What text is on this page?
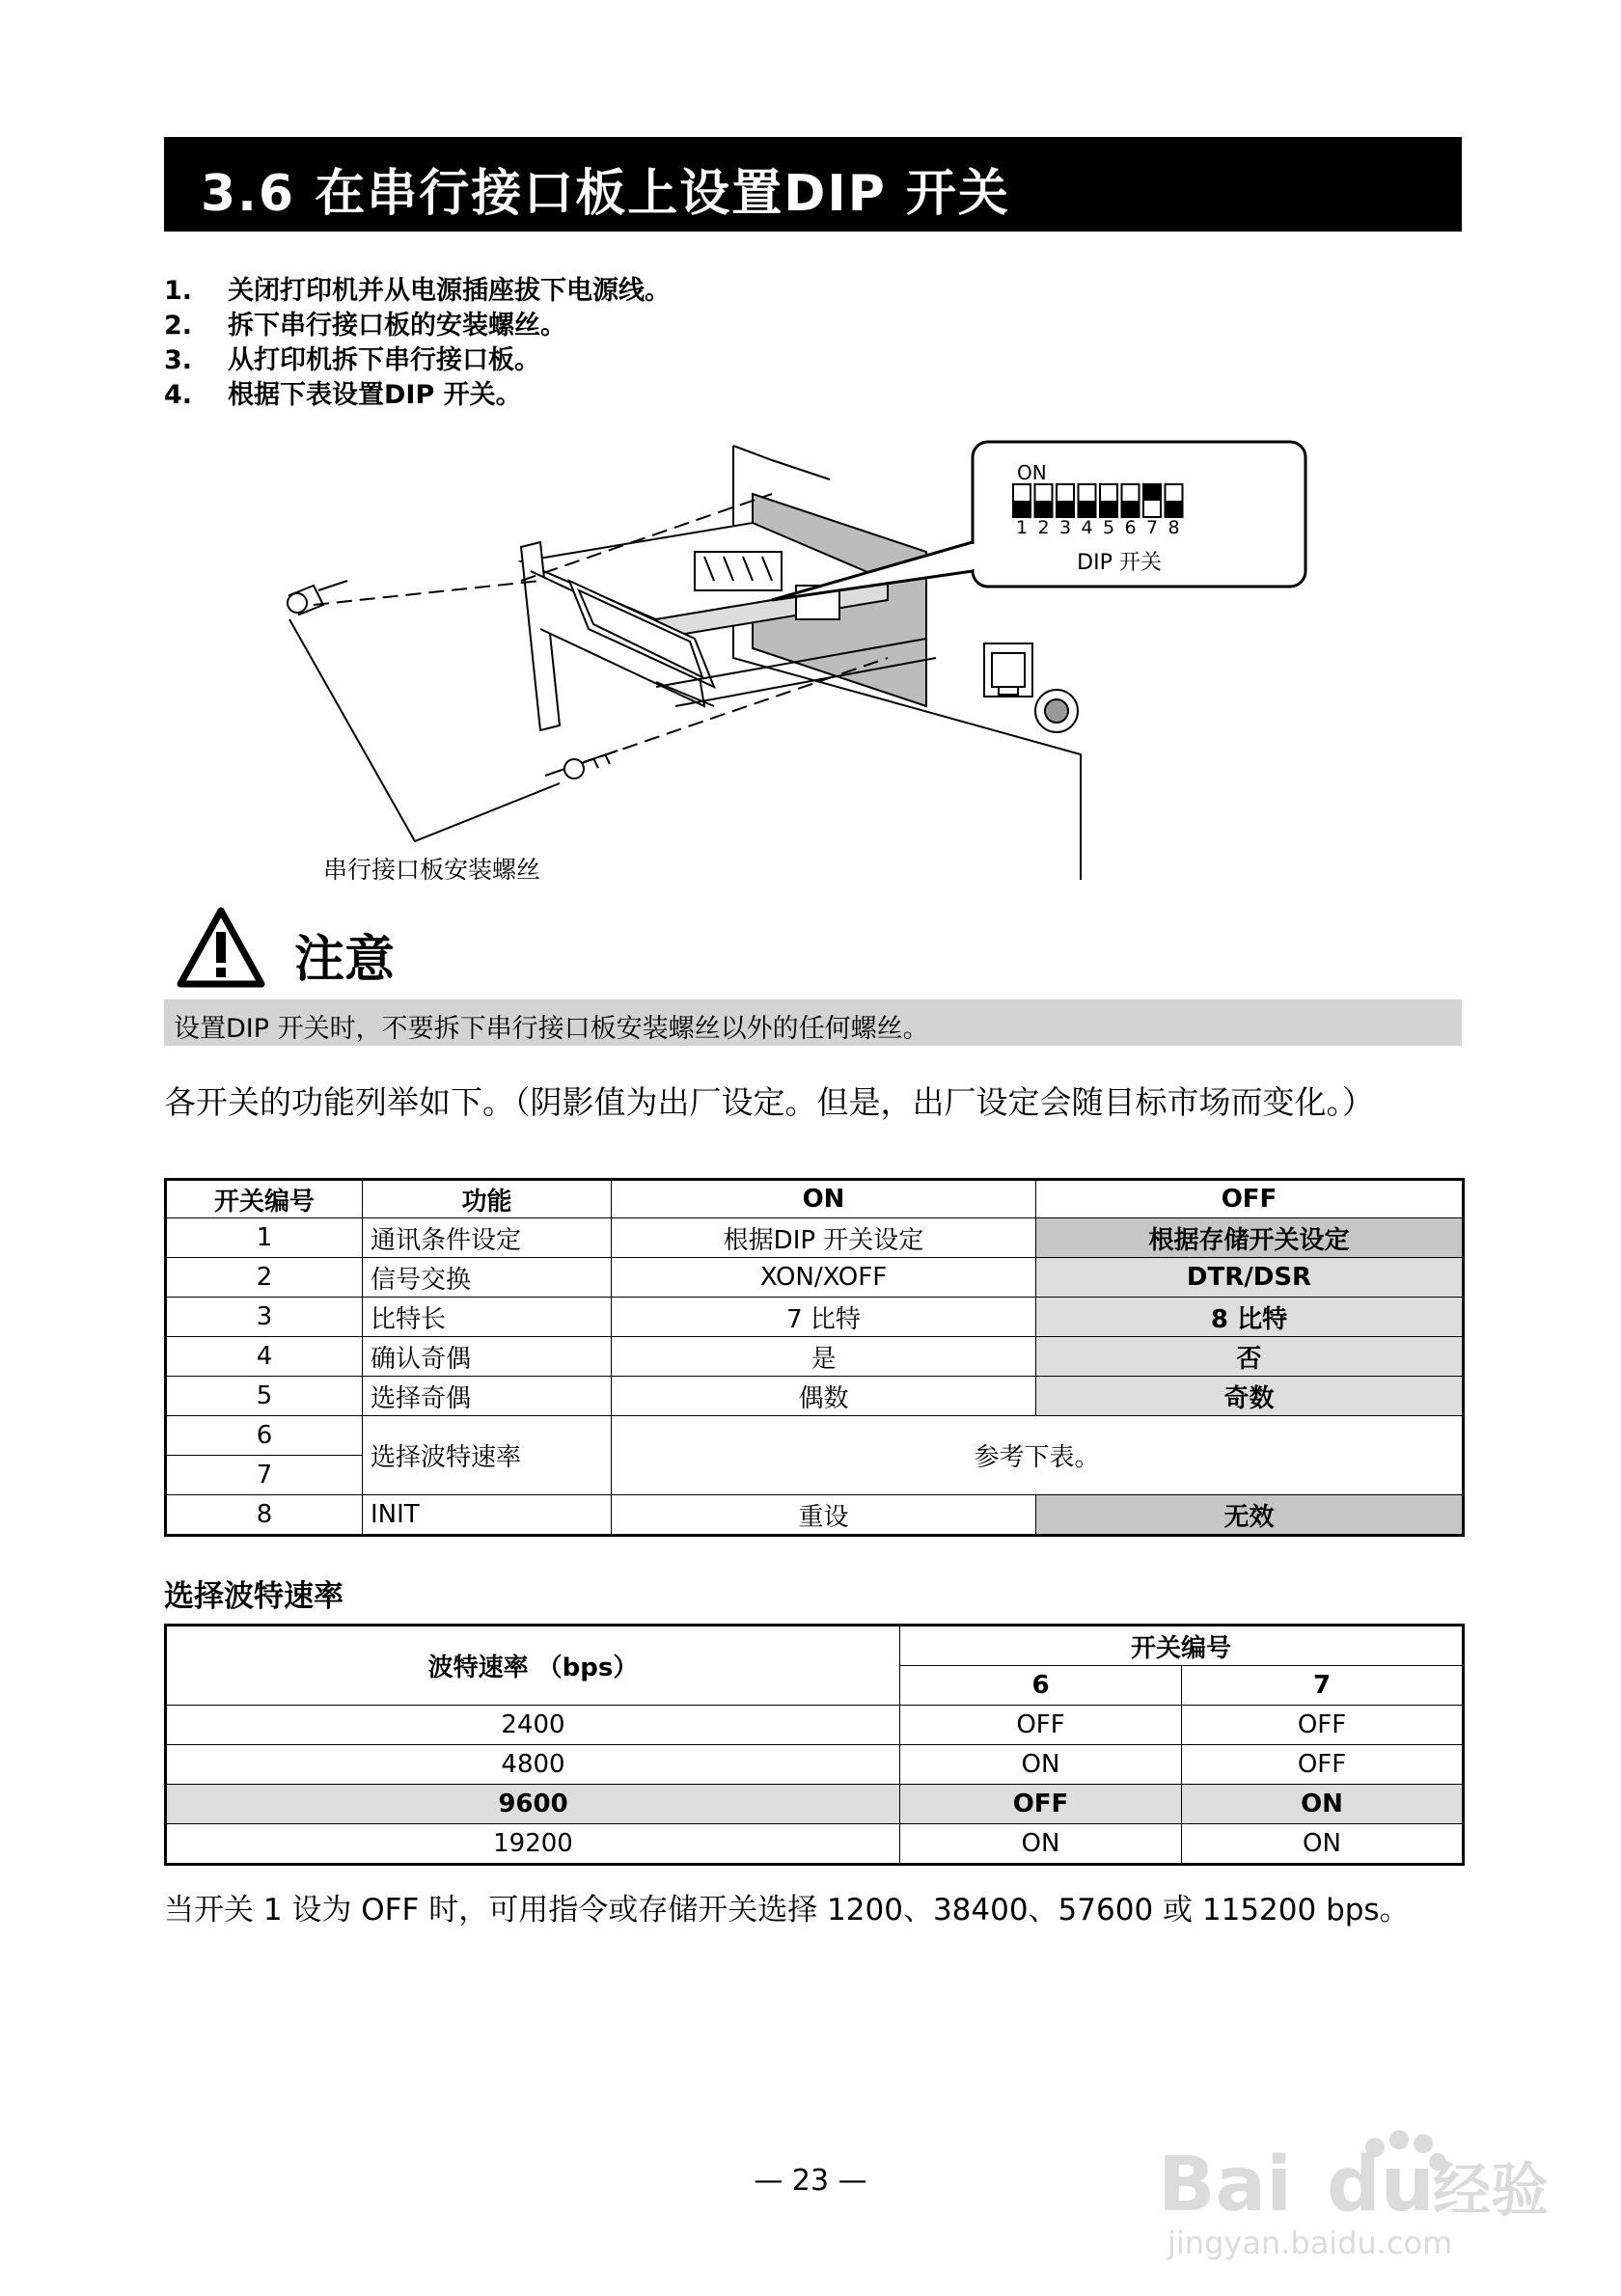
3.6 在串行接口板上设置DIP 开关
1. 关闭打印机并从电源插座拔下电源线。
2. 拆下串行接口板的安装螺丝。
3. 从打印机拆下串行接口板。
4. 根据下表设置DIP 开关。
ON
1 2 3 4 5 6 7 8
DIP 开关
串行接口板安装螺丝
注意
设置DIP 开关时，不要拆下串行接口板安装螺丝以外的任何螺丝。
各开关的功能列举如下。（阴影值为出厂设定。但是，出厂设定会随目标市场而变化。）
开关编号	功能	ON	OFF
1	通讯条件设定	根据DIP 开关设定	根据存储开关设定
2	信号交换	XON/XOFF	DTR/DSR
3	比特长	7 比特	8 比特
4	确认奇偶	是	否
5	选择奇偶	偶数	奇数
6	选择波特速率	参考下表。	
7			
8	INIT	重设	无效
选择波特速率
波特速率 （bps）	开关编号	
	6	7
2400	OFF	OFF
4800	ON	OFF
9600	OFF	ON
19200	ON	ON
当开关 1 设为 OFF 时，可用指令或存储开关选择 1200、38400、57600 或 115200 bps。
— 23 —	Bai du
经验
jingyan.baidu.com
